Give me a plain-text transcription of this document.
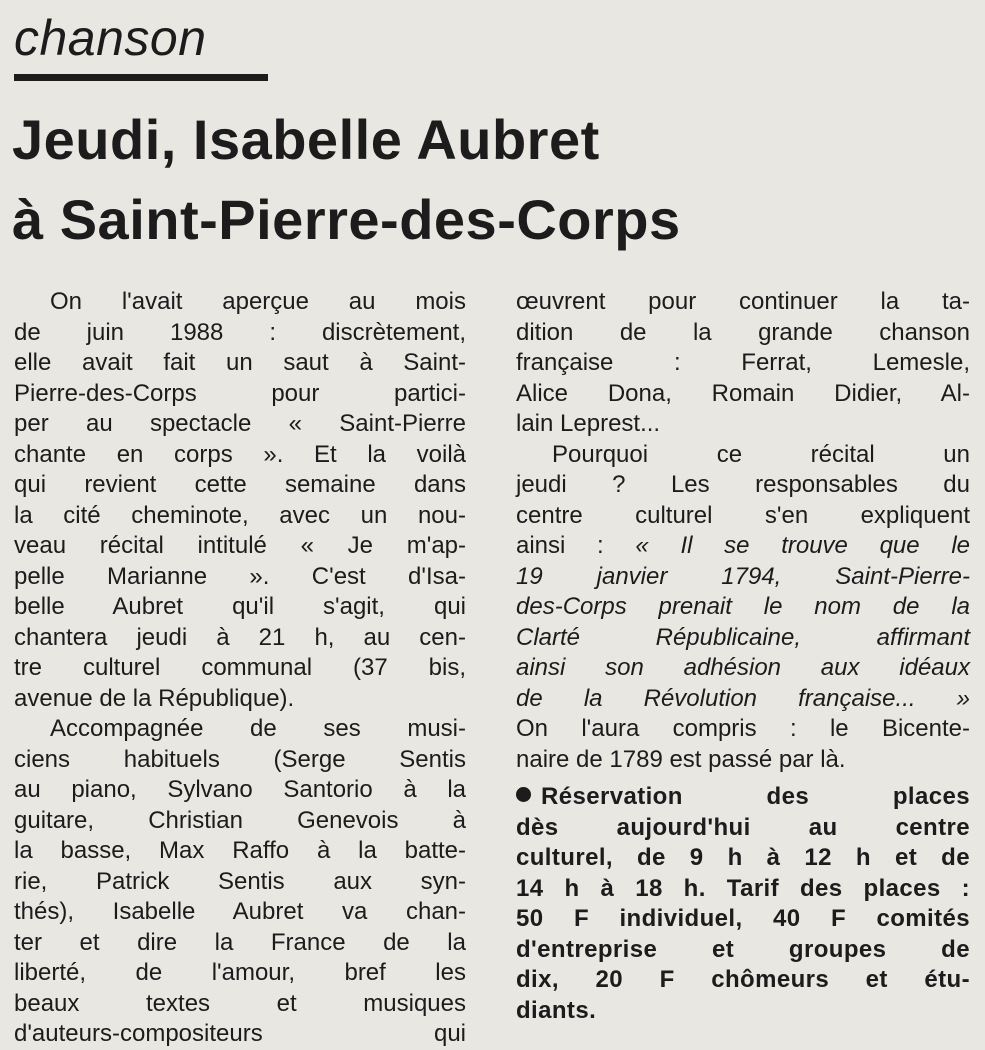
chanson
Jeudi, Isabelle Aubret
à Saint-Pierre-des-Corps
On l'avait aperçue au mois
de juin 1988 : discrètement,
elle avait fait un saut à Saint-
Pierre-des-Corps pour partici-
per au spectacle « Saint-Pierre
chante en corps ». Et la voilà
qui revient cette semaine dans
la cité cheminote, avec un nou-
veau récital intitulé « Je m'ap-
pelle Marianne ». C'est d'Isa-
belle Aubret qu'il s'agit, qui
chantera jeudi à 21 h, au cen-
tre culturel communal (37 bis,
avenue de la République).
Accompagnée de ses musi-
ciens habituels (Serge Sentis
au piano, Sylvano Santorio à la
guitare, Christian Genevois à
la basse, Max Raffo à la batte-
rie, Patrick Sentis aux syn-
thés), Isabelle Aubret va chan-
ter et dire la France de la
liberté, de l'amour, bref les
beaux textes et musiques
d'auteurs-compositeurs qui
œuvrent pour continuer la ta-
dition de la grande chanson
française : Ferrat, Lemesle,
Alice Dona, Romain Didier, Al-
lain Leprest...
Pourquoi ce récital un
jeudi ? Les responsables du
centre culturel s'en expliquent
ainsi : « Il se trouve que le
19 janvier 1794, Saint-Pierre-
des-Corps prenait le nom de la
Clarté Républicaine, affirmant
ainsi son adhésion aux idéaux
de la Révolution française... »
On l'aura compris : le Bicente-
naire de 1789 est passé par là.
Réservation des places
dès aujourd'hui au centre
culturel, de 9 h à 12 h et de
14 h à 18 h. Tarif des places :
50 F individuel, 40 F comités
d'entreprise et groupes de
dix, 20 F chômeurs et étu-
diants.
